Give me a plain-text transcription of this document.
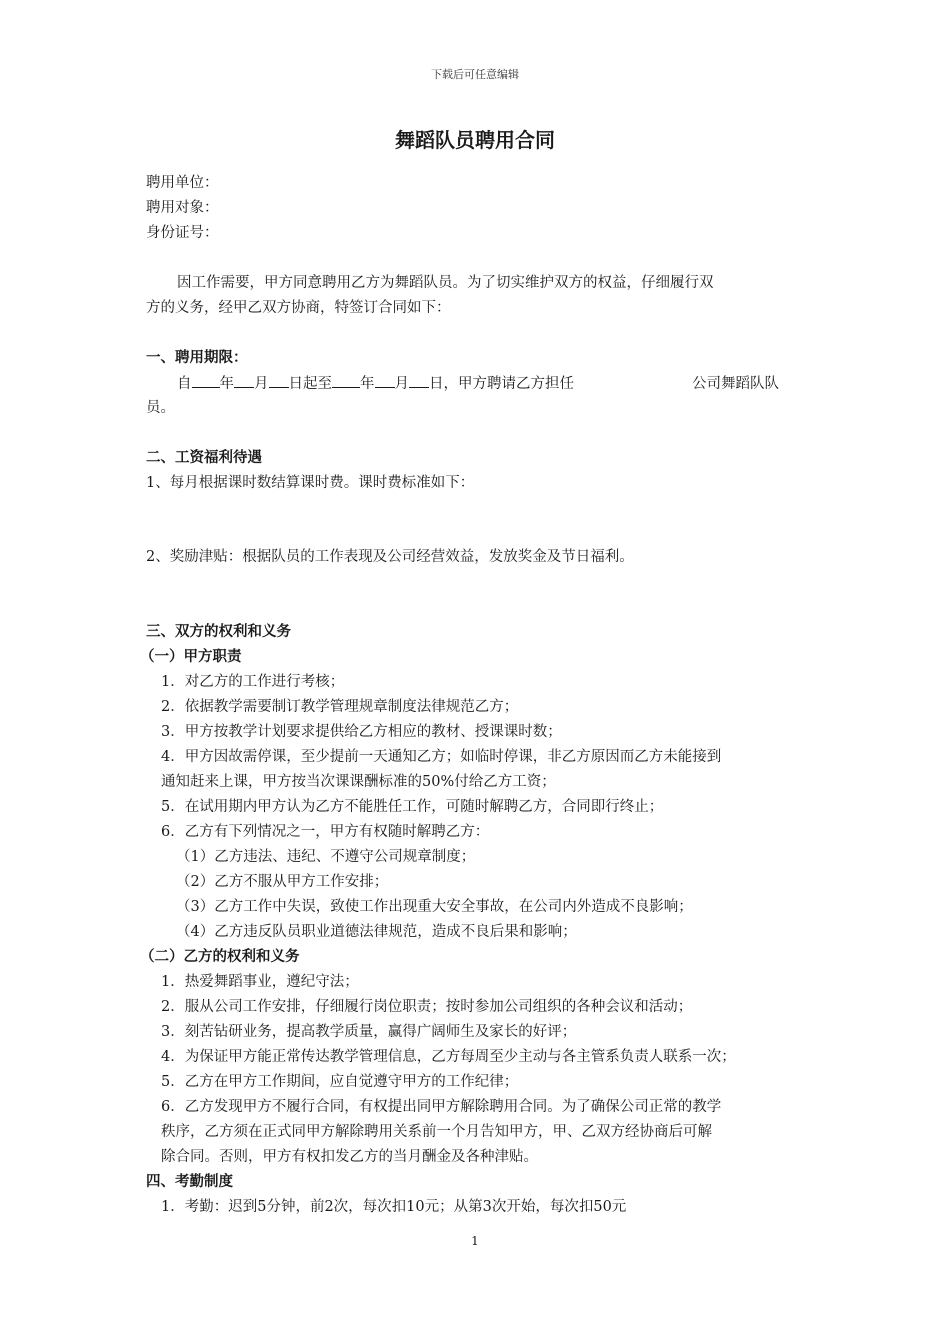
下载后可任意编辑
舞蹈队员聘用合同
聘用单位：
聘用对象：
身份证号：
因工作需要，甲方同意聘用乙方为舞蹈队员。为了切实维护双方的权益，仔细履行双
方的义务，经甲乙双方协商，特签订合同如下：
一、聘用期限：
自 年 月 日起至 年 月 日，甲方聘请乙方担任	公司舞蹈队队
员。
二、工资福利待遇
1、每月根据课时数结算课时费。课时费标准如下：
2、奖励津贴：根据队员的工作表现及公司经营效益，发放奖金及节日福利。
三、双方的权利和义务
（一）甲方职责
1．对乙方的工作进行考核；
2．依据教学需要制订教学管理规章制度法律规范乙方；
3．甲方按教学计划要求提供给乙方相应的教材、授课课时数；
4．甲方因故需停课，至少提前一天通知乙方；如临时停课，非乙方原因而乙方未能接到
通知赶来上课，甲方按当次课课酬标准的50%付给乙方工资；
5．在试用期内甲方认为乙方不能胜任工作，可随时解聘乙方，合同即行终止；
6．乙方有下列情况之一，甲方有权随时解聘乙方：
（1）乙方违法、违纪、不遵守公司规章制度；
（2）乙方不服从甲方工作安排；
（3）乙方工作中失误，致使工作出现重大安全事故，在公司内外造成不良影响；
（4）乙方违反队员职业道德法律规范，造成不良后果和影响；
（二）乙方的权利和义务
1．热爱舞蹈事业，遵纪守法；
2．服从公司工作安排，仔细履行岗位职责；按时参加公司组织的各种会议和活动；
3．刻苦钻研业务，提高教学质量，赢得广阔师生及家长的好评；
4．为保证甲方能正常传达教学管理信息，乙方每周至少主动与各主管系负责人联系一次；
5．乙方在甲方工作期间，应自觉遵守甲方的工作纪律；
6．乙方发现甲方不履行合同，有权提出同甲方解除聘用合同。为了确保公司正常的教学
秩序，乙方须在正式同甲方解除聘用关系前一个月告知甲方，甲、乙双方经协商后可解
除合同。否则，甲方有权扣发乙方的当月酬金及各种津贴。
四、考勤制度
1．考勤：迟到5分钟，前2次，每次扣10元；从第3次开始，每次扣50元
1
